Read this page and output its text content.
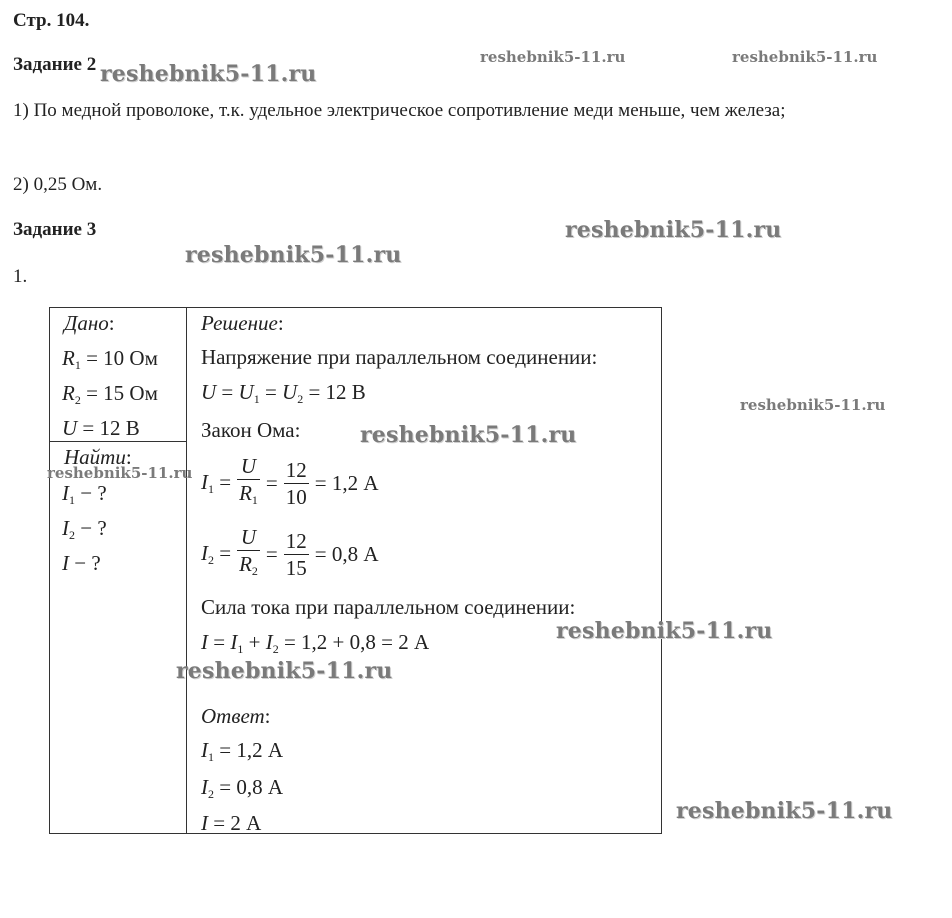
Стр. 104.
Задание 2
1) По медной проволоке, т.к. удельное электрическое сопротивление меди меньше, чем железа;
2) 0,25 Ом.
Задание 3
1.
Дано:
$R_1 = 10$ Ом
$R_2 = 15$ Ом
U = 12 В
Найти:
$I_1$ − ?
$I_2$ − ?
I − ?
Решение:
Напряжение при параллельном соединении:
$U = U_1 = U_2 = 12$ В
Закон Ома:
$I_1 = \frac{U}{R_1} = \frac{12}{10} = 1,2$ А
$I_2 = \frac{U}{R_2} = \frac{12}{15} = 0,8$ А
Сила тока при параллельном соединении:
$I = I_1 + I_2 = 1,2 + 0,8 = 2$ А
Ответ:
$I_1 = 1,2$ А
$I_2 = 0,8$ А
I = 2 А
reshebnik5-11.ru
reshebnik5-11.ru	reshebnik5-11.ru
reshebnik5-11.ru
reshebnik5-11.ru
reshebnik5-11.ru
reshebnik5-11.ru
reshebnik5-11.ru
reshebnik5-11.ru
reshebnik5-11.ru
reshebnik5-11.ru
